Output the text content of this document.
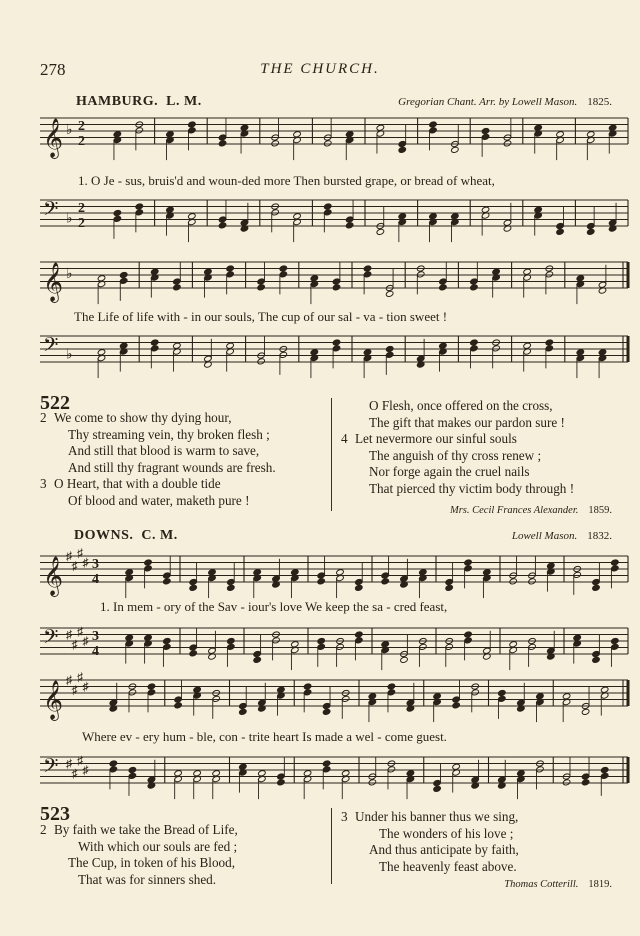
278	THE CHURCH.
HAMBURG. L. M.	Gregorian Chant. Arr. by Lowell Mason. 1825.
𝄞 ♭ 2
2
𝄢 ♭
2
2
𝄞 ♭
𝄢 ♭
𝄞 ♯
♯
♯
♯ 3
4
𝄢 ♯
♯
♯
♯ 3
4
𝄞 ♯
♯
♯
♯
𝄢 ♯
♯
♯
♯
1. O Je - sus, bruis'd and woun-ded more Then bursted grape, or bread of wheat,
The Life of life with - in our souls, The cup of our sal - va - tion sweet !
522
2 We come to show thy dying hour,
Thy streaming vein, thy broken flesh ;
And still that blood is warm to save,
And still thy fragrant wounds are fresh.
3 O Heart, that with a double tide
Of blood and water, maketh pure !
O Flesh, once offered on the cross,
The gift that makes our pardon sure !
4 Let nevermore our sinful souls
The anguish of thy cross renew ;
Nor forge again the cruel nails
That pierced thy victim body through !
Mrs. Cecil Frances Alexander. 1859.
DOWNS. C. M.	Lowell Mason. 1832.
1. In mem - ory of the Sav - iour's love We keep the sa - cred feast,
Where ev - ery hum - ble, con - trite heart Is made a wel - come guest.
523
2 By faith we take the Bread of Life,
With which our souls are fed ;
The Cup, in token of his Blood,
That was for sinners shed.
3 Under his banner thus we sing,
The wonders of his love ;
And thus anticipate by faith,
The heavenly feast above.
Thomas Cotterill. 1819.
